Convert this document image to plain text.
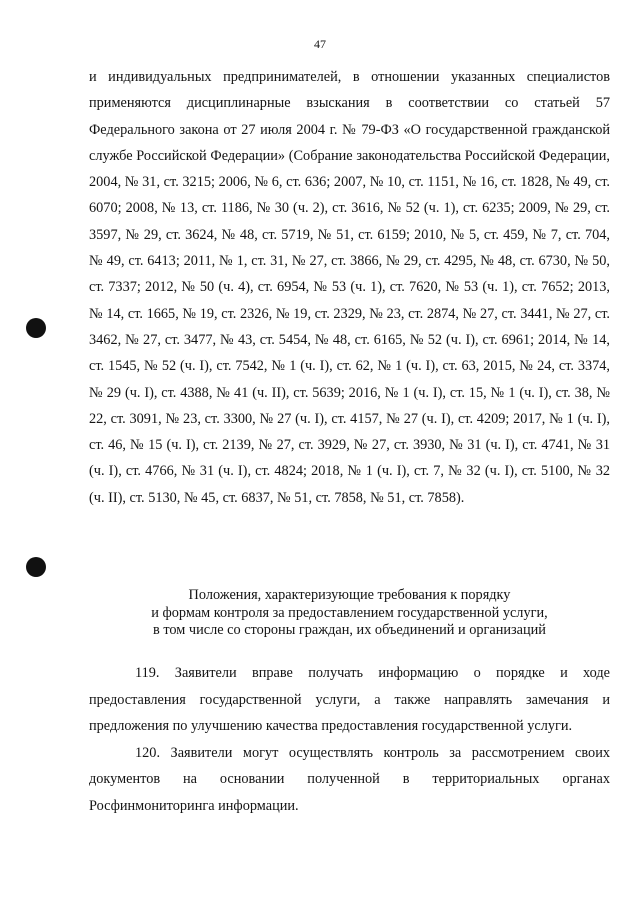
47

и индивидуальных предпринимателей, в отношении указанных специалистов применяются дисциплинарные взыскания в соответствии со статьей 57 Федерального закона от 27 июля 2004 г. № 79-ФЗ «О государственной гражданской службе Российской Федерации» (Собрание законодательства Российской Федерации, 2004, № 31, ст. 3215; 2006, № 6, ст. 636; 2007, № 10, ст. 1151, № 16, ст. 1828, № 49, ст. 6070; 2008, № 13, ст. 1186, № 30 (ч. 2), ст. 3616, № 52 (ч. 1), ст. 6235; 2009, № 29, ст. 3597, № 29, ст. 3624, № 48, ст. 5719, № 51, ст. 6159; 2010, № 5, ст. 459, № 7, ст. 704, № 49, ст. 6413; 2011, № 1, ст. 31, № 27, ст. 3866, № 29, ст. 4295, № 48, ст. 6730, № 50, ст. 7337; 2012, № 50 (ч. 4), ст. 6954, № 53 (ч. 1), ст. 7620, № 53 (ч. 1), ст. 7652; 2013, № 14, ст. 1665, № 19, ст. 2326, № 19, ст. 2329, № 23, ст. 2874, № 27, ст. 3441, № 27, ст. 3462, № 27, ст. 3477, № 43, ст. 5454, № 48, ст. 6165, № 52 (ч. I), ст. 6961; 2014, № 14, ст. 1545, № 52 (ч. I), ст. 7542, № 1 (ч. I), ст. 62, № 1 (ч. I), ст. 63, 2015, № 24, ст. 3374, № 29 (ч. I), ст. 4388, № 41 (ч. II), ст. 5639; 2016, № 1 (ч. I), ст. 15, № 1 (ч. I), ст. 38, № 22, ст. 3091, № 23, ст. 3300, № 27 (ч. I), ст. 4157, № 27 (ч. I), ст. 4209; 2017, № 1 (ч. I), ст. 46, № 15 (ч. I), ст. 2139, № 27, ст. 3929, № 27, ст. 3930, № 31 (ч. I), ст. 4741, № 31 (ч. I), ст. 4766, № 31 (ч. I), ст. 4824; 2018, № 1 (ч. I), ст. 7, № 32 (ч. I), ст. 5100, № 32 (ч. II), ст. 5130, № 45, ст. 6837, № 51, ст. 7858, № 51, ст. 7858).

Положения, характеризующие требования к порядку
и формам контроля за предоставлением государственной услуги,
в том числе со стороны граждан, их объединений и организаций

119. Заявители вправе получать информацию о порядке и ходе предоставления государственной услуги, а также направлять замечания и предложения по улучшению качества предоставления государственной услуги.

120. Заявители могут осуществлять контроль за рассмотрением своих документов на основании полученной в территориальных органах Росфинмониторинга информации.
